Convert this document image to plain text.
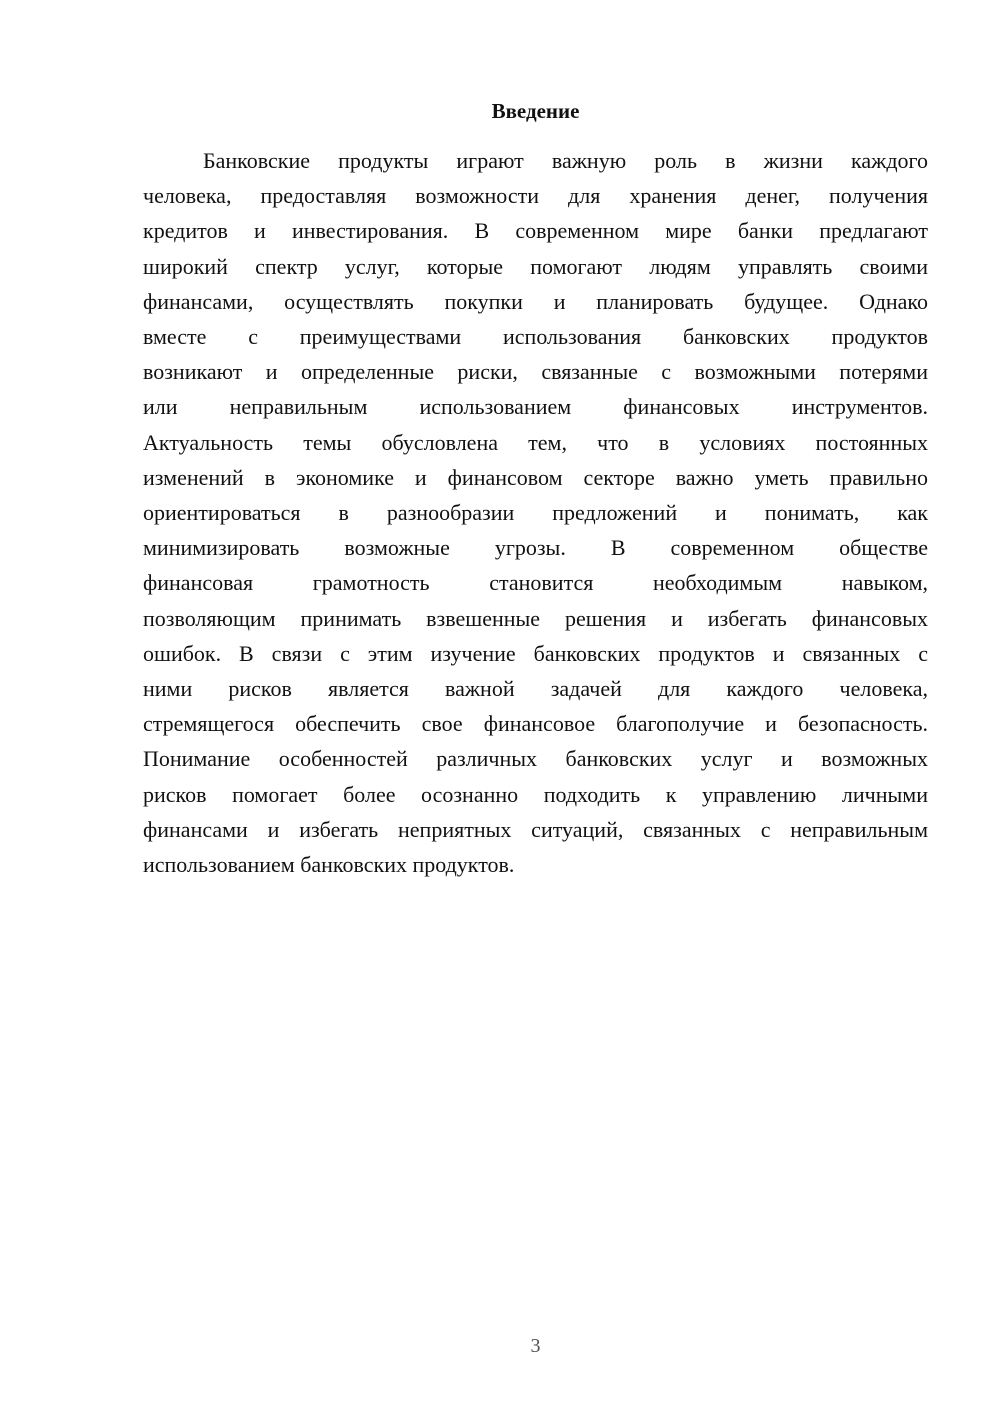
Введение
Банковские продукты играют важную роль в жизни каждого
человека, предоставляя возможности для хранения денег, получения
кредитов и инвестирования. В современном мире банки предлагают
широкий спектр услуг, которые помогают людям управлять своими
финансами, осуществлять покупки и планировать будущее. Однако
вместе с преимуществами использования банковских продуктов
возникают и определенные риски, связанные с возможными потерями
или неправильным использованием финансовых инструментов.
Актуальность темы обусловлена тем, что в условиях постоянных
изменений в экономике и финансовом секторе важно уметь правильно
ориентироваться в разнообразии предложений и понимать, как
минимизировать возможные угрозы. В современном обществе
финансовая грамотность становится необходимым навыком,
позволяющим принимать взвешенные решения и избегать финансовых
ошибок. В связи с этим изучение банковских продуктов и связанных с
ними рисков является важной задачей для каждого человека,
стремящегося обеспечить свое финансовое благополучие и безопасность.
Понимание особенностей различных банковских услуг и возможных
рисков помогает более осознанно подходить к управлению личными
финансами и избегать неприятных ситуаций, связанных с неправильным
использованием банковских продуктов.
3
